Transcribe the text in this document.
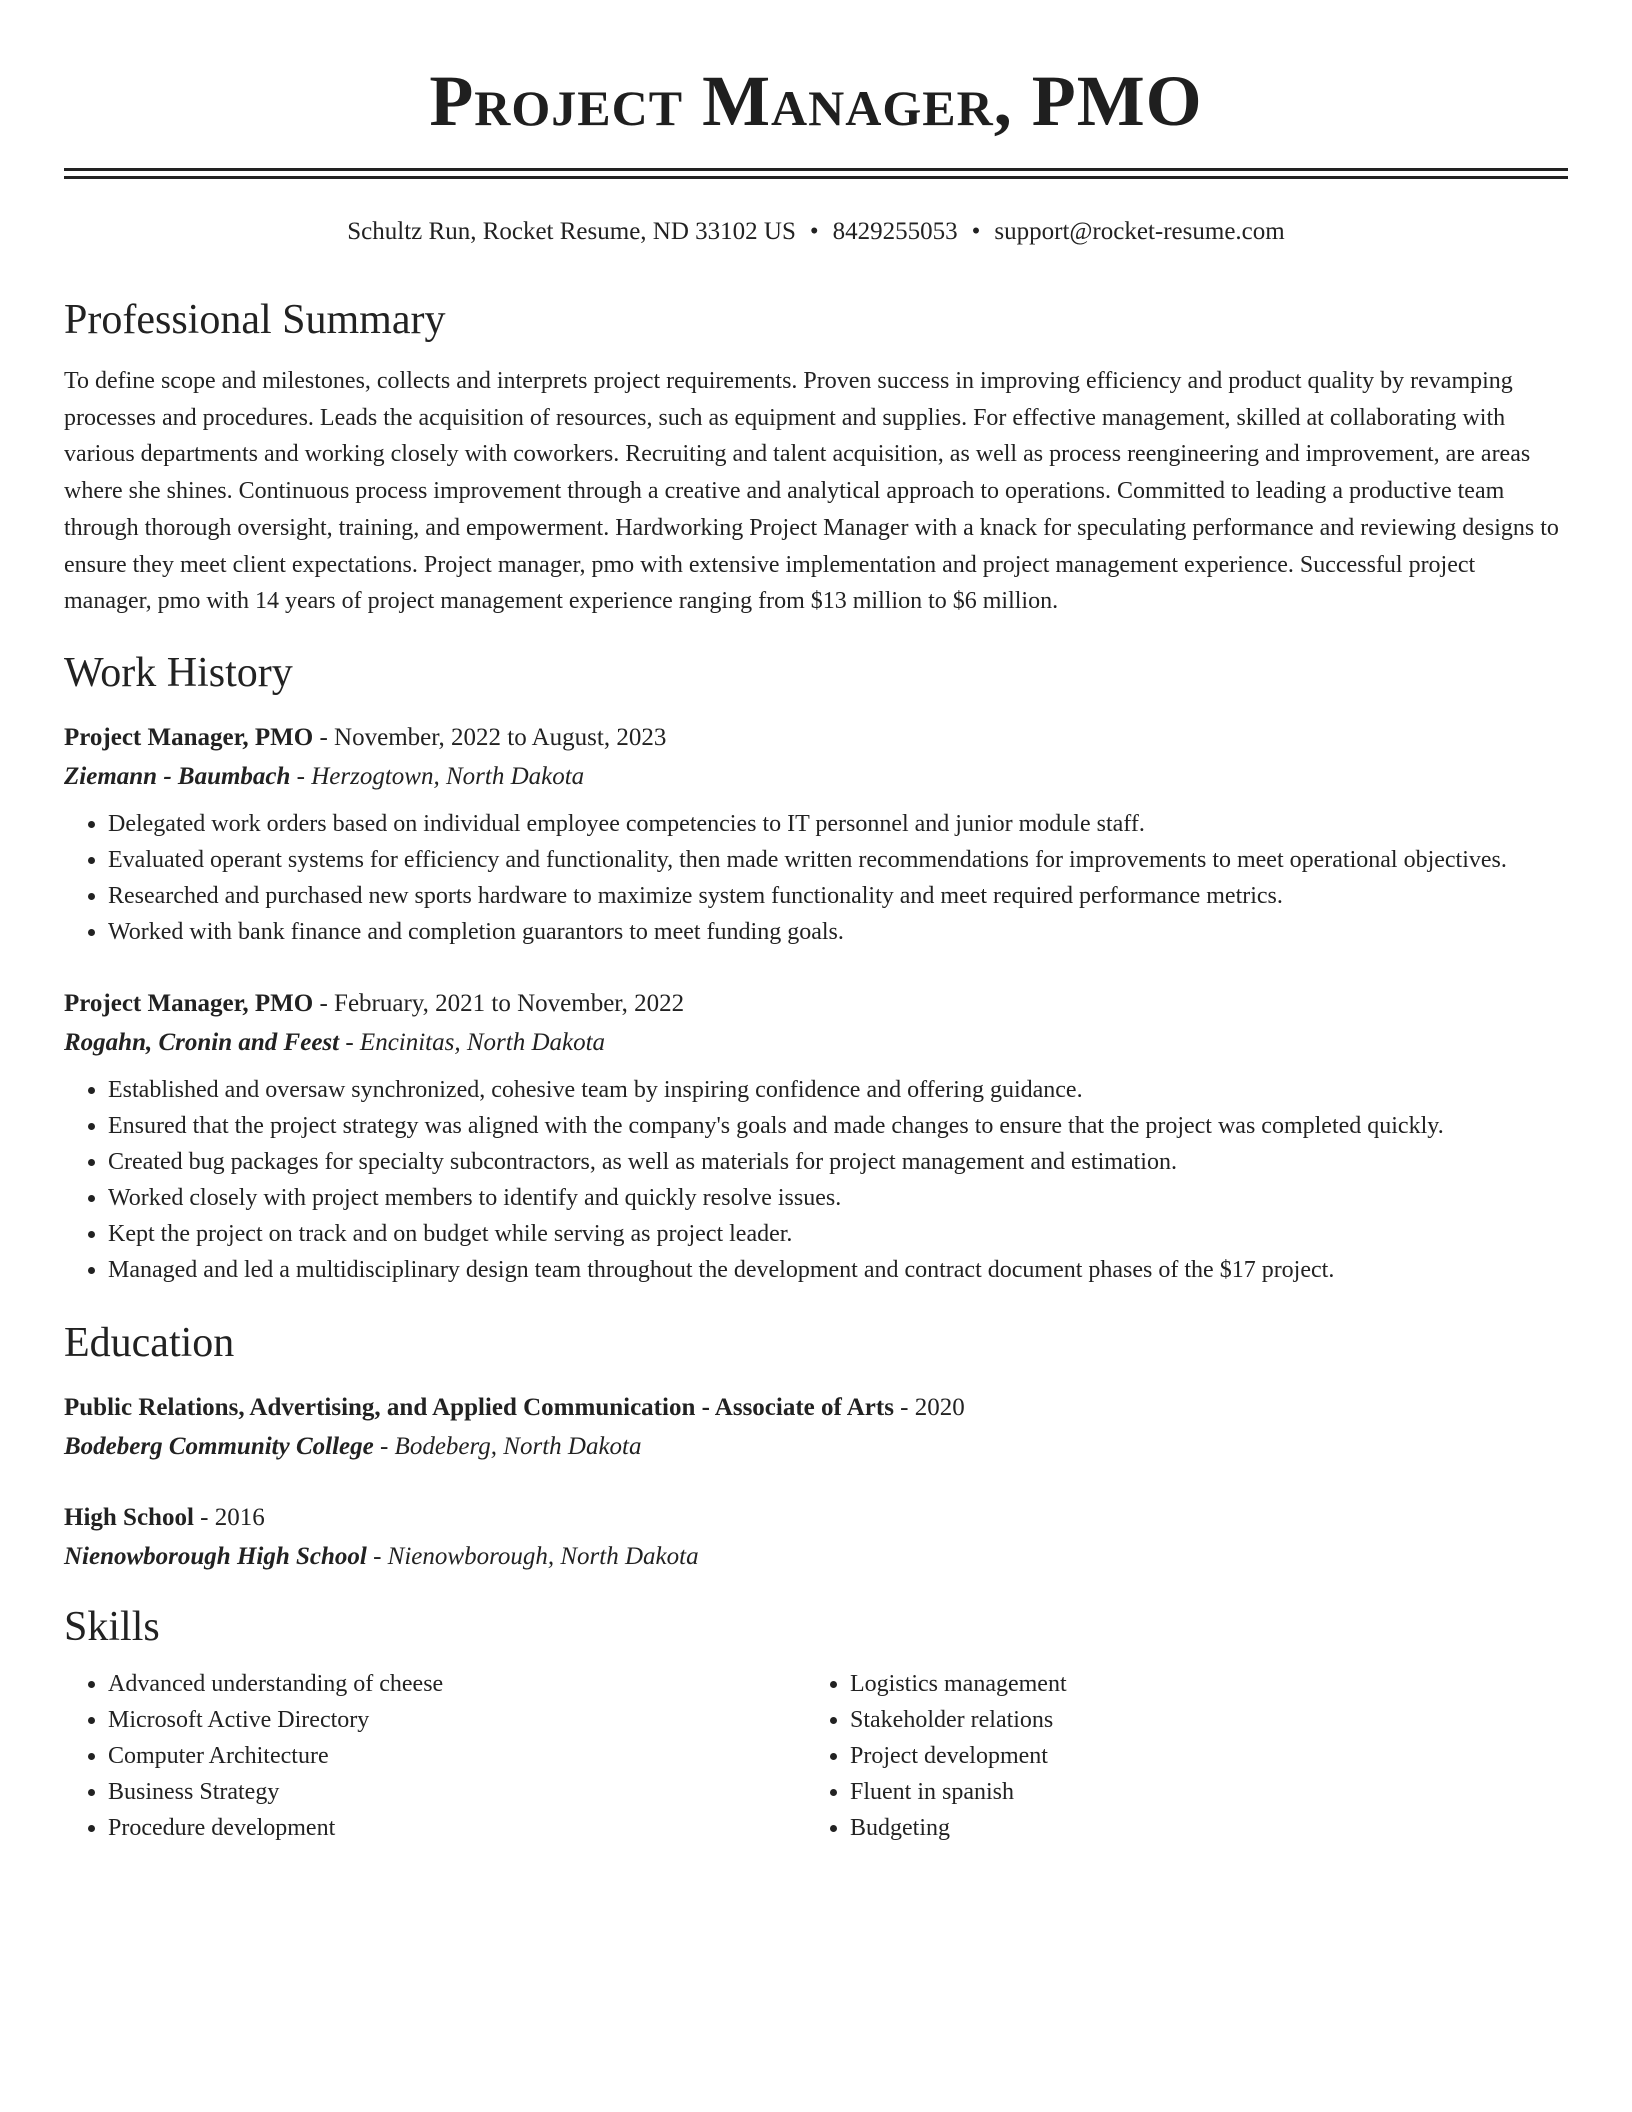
Project Manager, PMO
Schultz Run, Rocket Resume, ND 33102 US • 8429255053 • support@rocket-resume.com
Professional Summary
To define scope and milestones, collects and interprets project requirements. Proven success in improving efficiency and product quality by revamping processes and procedures. Leads the acquisition of resources, such as equipment and supplies. For effective management, skilled at collaborating with various departments and working closely with coworkers. Recruiting and talent acquisition, as well as process reengineering and improvement, are areas where she shines. Continuous process improvement through a creative and analytical approach to operations. Committed to leading a productive team through thorough oversight, training, and empowerment. Hardworking Project Manager with a knack for speculating performance and reviewing designs to ensure they meet client expectations. Project manager, pmo with extensive implementation and project management experience. Successful project manager, pmo with 14 years of project management experience ranging from $13 million to $6 million.
Work History
Project Manager, PMO - November, 2022 to August, 2023
Ziemann - Baumbach - Herzogtown, North Dakota
• Delegated work orders based on individual employee competencies to IT personnel and junior module staff.
• Evaluated operant systems for efficiency and functionality, then made written recommendations for improvements to meet operational objectives.
• Researched and purchased new sports hardware to maximize system functionality and meet required performance metrics.
• Worked with bank finance and completion guarantors to meet funding goals.
Project Manager, PMO - February, 2021 to November, 2022
Rogahn, Cronin and Feest - Encinitas, North Dakota
• Established and oversaw synchronized, cohesive team by inspiring confidence and offering guidance.
• Ensured that the project strategy was aligned with the company's goals and made changes to ensure that the project was completed quickly.
• Created bug packages for specialty subcontractors, as well as materials for project management and estimation.
• Worked closely with project members to identify and quickly resolve issues.
• Kept the project on track and on budget while serving as project leader.
• Managed and led a multidisciplinary design team throughout the development and contract document phases of the $17 project.
Education
Public Relations, Advertising, and Applied Communication - Associate of Arts - 2020
Bodeberg Community College - Bodeberg, North Dakota
High School - 2016
Nienowborough High School - Nienowborough, North Dakota
Skills
• Advanced understanding of cheese
• Microsoft Active Directory
• Computer Architecture
• Business Strategy
• Procedure development
• Logistics management
• Stakeholder relations
• Project development
• Fluent in spanish
• Budgeting
